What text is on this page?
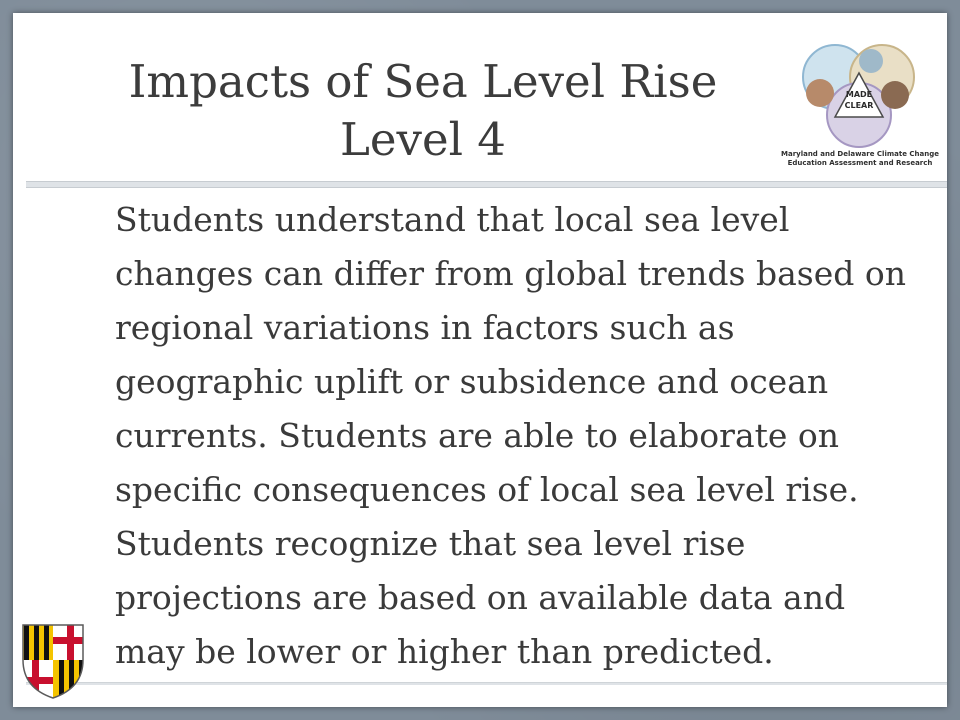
Impacts of Sea Level Rise
Level 4
MADE
CLEAR
Maryland and Delaware Climate Change
Education Assessment and Research

Students understand that local sea level changes can differ from global trends based on regional variations in factors such as geographic uplift or subsidence and ocean currents. Students are able to elaborate on specific consequences of local sea level rise. Students recognize that sea level rise projections are based on available data and may be lower or higher than predicted.
